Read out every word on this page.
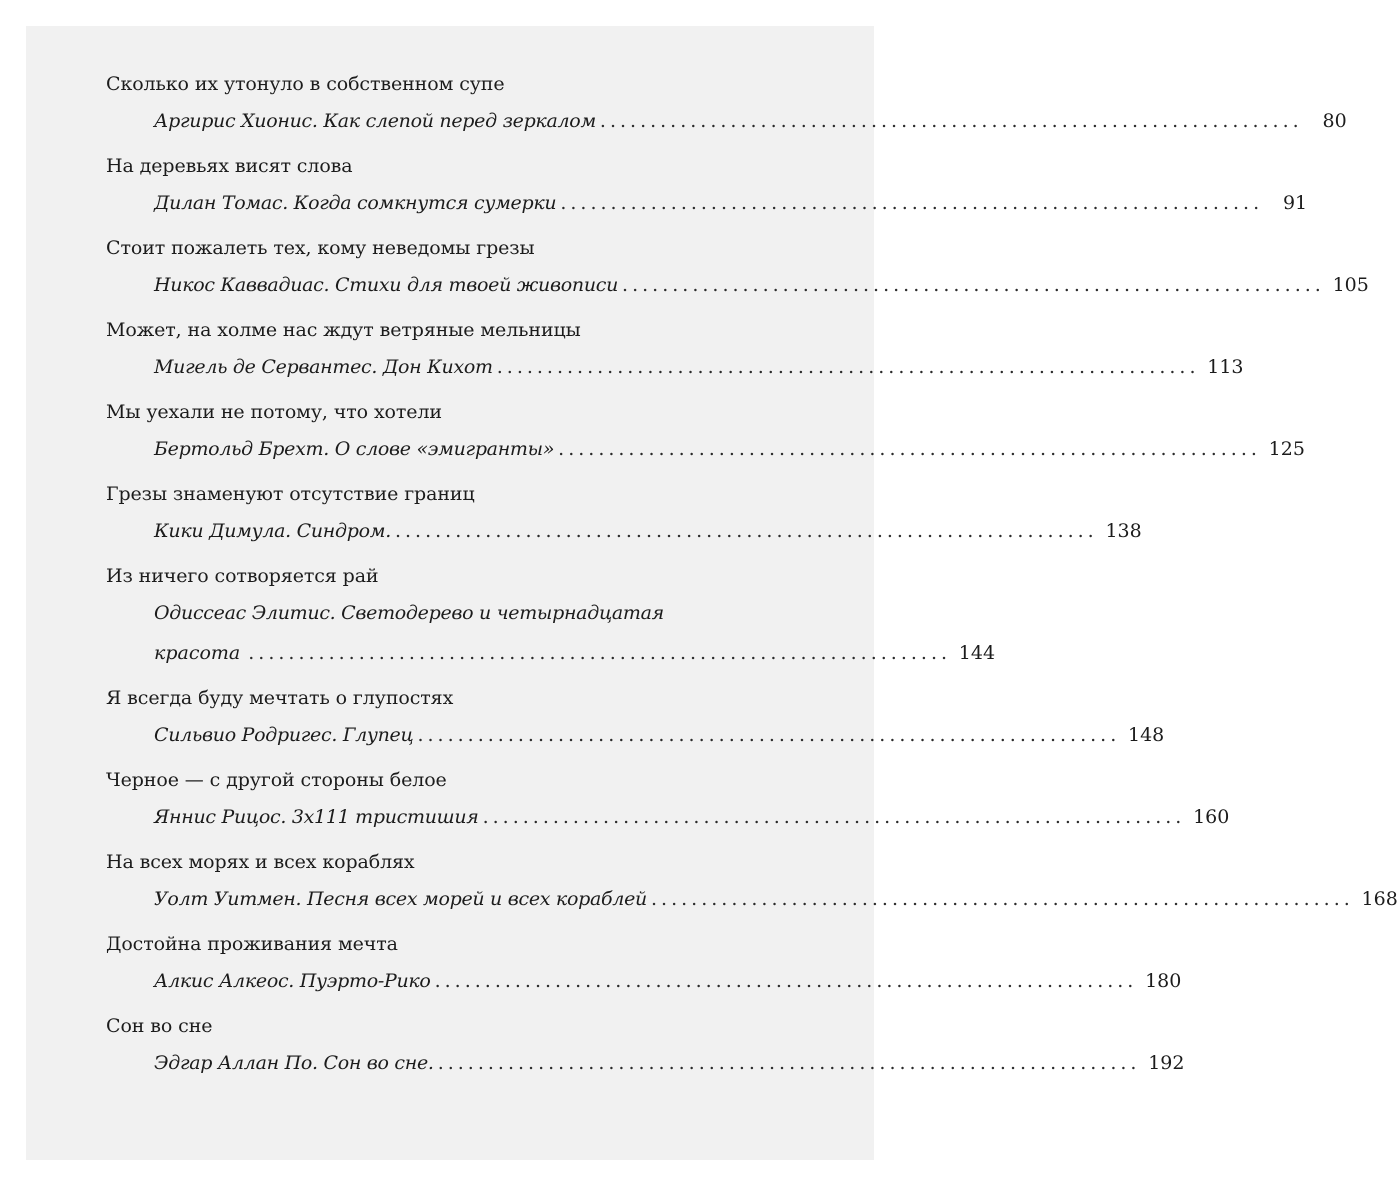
Сколько их утонуло в собственном супе
Аргирис Хионис. Как слепой перед зеркалом ......................................................................	80
На деревьях висят слова
Дилан Томас. Когда сомкнутся сумерки ......................................................................	91
Стоит пожалеть тех, кому неведомы грезы
Никос Каввадиас. Стихи для твоей живописи ...................................................................... 105
Может, на холме нас ждут ветряные мельницы
Мигель де Сервантес. Дон Кихот ...................................................................... 113
Мы уехали не потому, что хотели
Бертольд Брехт. О слове «эмигранты» ...................................................................... 125
Грезы знаменуют отсутствие границ
Кики Димула. Синдром. ...................................................................... 138
Из ничего сотворяется рай
Одиссеас Элитис. Светодерево и четырнадцатая
красота ...................................................................... 144
Я всегда буду мечтать о глупостях
Сильвио Родригес. Глупец ...................................................................... 148
Черное — с другой стороны белое
Яннис Рицос. 3х111 тристишия ...................................................................... 160
На всех морях и всех кораблях
Уолт Уитмен. Песня всех морей и всех кораблей ...................................................................... 168
Достойна проживания мечта
Алкис Алкеос. Пуэрто-Рико ...................................................................... 180
Сон во сне
Эдгар Аллан По. Сон во сне. ...................................................................... 192
